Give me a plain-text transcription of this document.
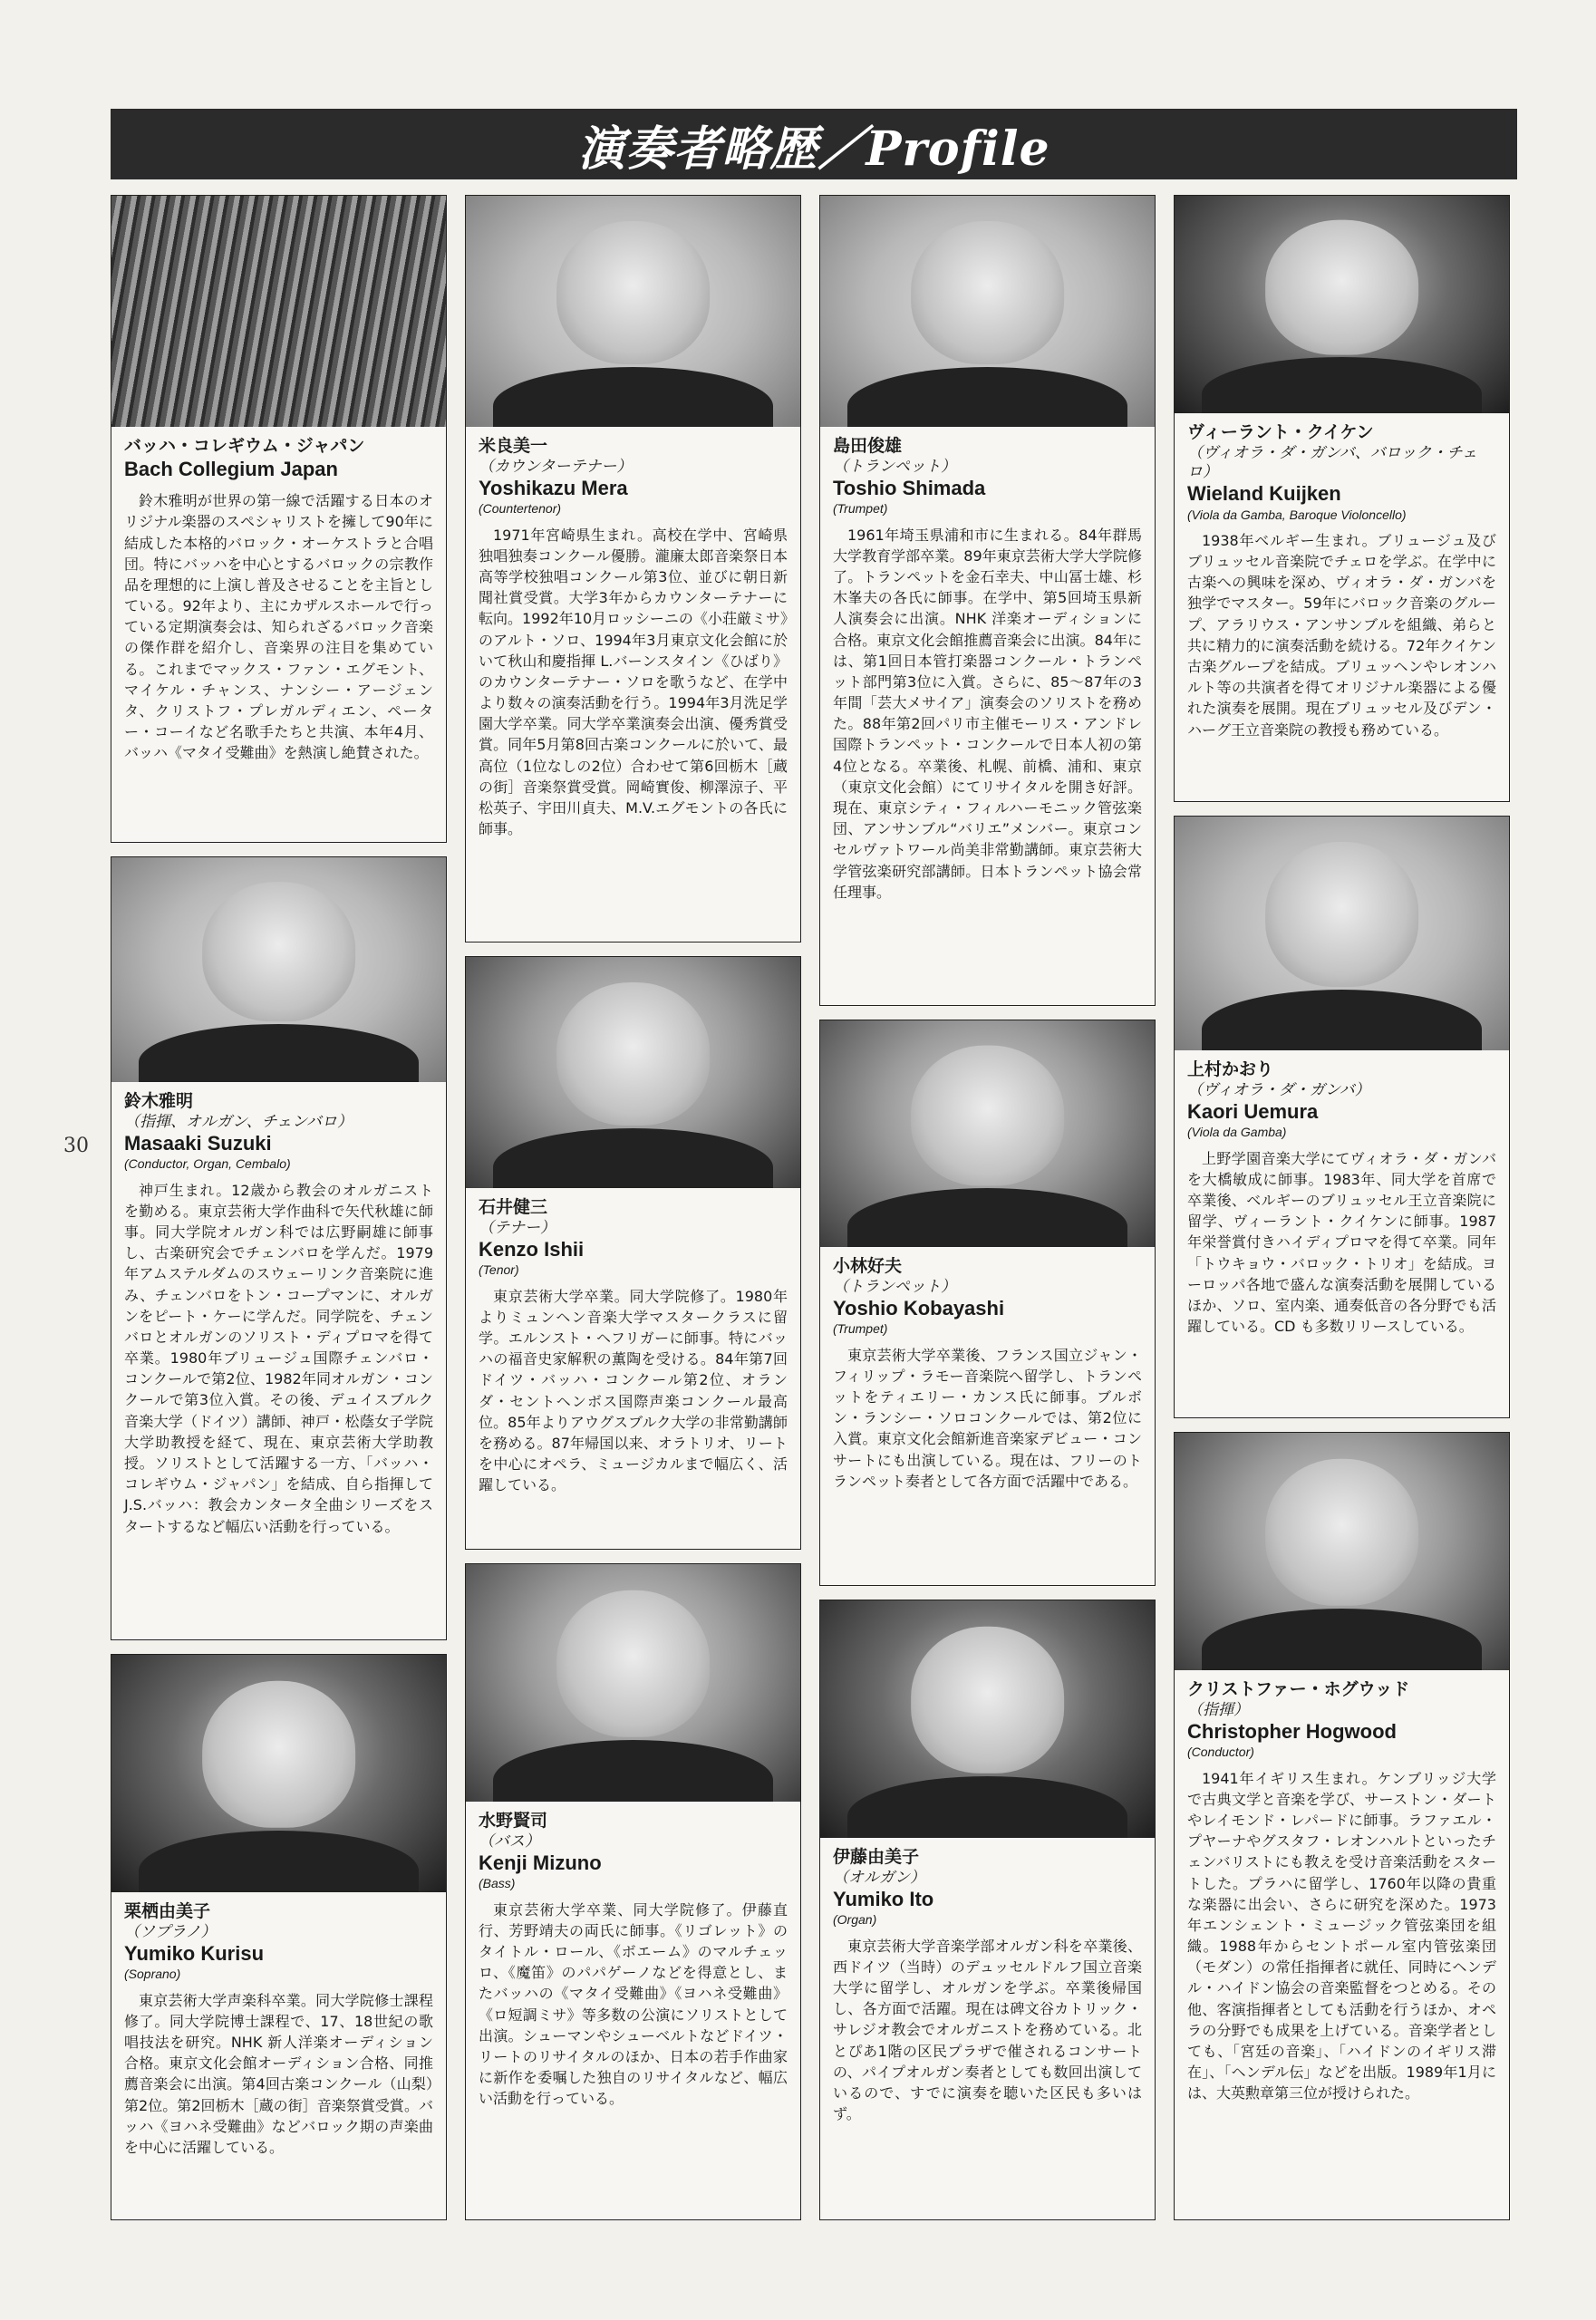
演奏者略歴／Profile
30
バッハ・コレギウム・ジャパン
Bach Collegium Japan
鈴木雅明が世界の第一線で活躍する日本のオリジナル楽器のスペシャリストを擁して90年に結成した本格的バロック・オーケストラと合唱団。特にバッハを中心とするバロックの宗教作品を理想的に上演し普及させることを主旨としている。92年より、主にカザルスホールで行っている定期演奏会は、知られざるバロック音楽の傑作群を紹介し、音楽界の注目を集めている。これまでマックス・ファン・エグモント、マイケル・チャンス、ナンシー・アージェンタ、クリストフ・プレガルディエン、ペーター・コーイなど名歌手たちと共演、本年4月、バッハ《マタイ受難曲》を熱演し絶賛された。
鈴木雅明
（指揮、オルガン、チェンバロ）
Masaaki Suzuki
(Conductor, Organ, Cembalo)
神戸生まれ。12歳から教会のオルガニストを勤める。東京芸術大学作曲科で矢代秋雄に師事。同大学院オルガン科では広野嗣雄に師事し、古楽研究会でチェンバロを学んだ。1979年アムステルダムのスウェーリンク音楽院に進み、チェンバロをトン・コープマンに、オルガンをピート・ケーに学んだ。同学院を、チェンバロとオルガンのソリスト・ディプロマを得て卒業。1980年ブリュージュ国際チェンバロ・コンクールで第2位、1982年同オルガン・コンクールで第3位入賞。その後、デュイスブルク音楽大学（ドイツ）講師、神戸・松蔭女子学院大学助教授を経て、現在、東京芸術大学助教授。ソリストとして活躍する一方、「バッハ・コレギウム・ジャパン」を結成、自ら指揮して J.S.バッハ：教会カンタータ全曲シリーズをスタートするなど幅広い活動を行っている。
栗栖由美子
（ソプラノ）
Yumiko Kurisu
(Soprano)
東京芸術大学声楽科卒業。同大学院修士課程修了。同大学院博士課程で、17、18世紀の歌唱技法を研究。NHK 新人洋楽オーディション合格。東京文化会館オーディション合格、同推薦音楽会に出演。第4回古楽コンクール（山梨）第2位。第2回栃木［蔵の街］音楽祭賞受賞。バッハ《ヨハネ受難曲》などバロック期の声楽曲を中心に活躍している。
米良美一
（カウンターテナー）
Yoshikazu Mera
(Countertenor)
1971年宮崎県生まれ。高校在学中、宮崎県独唱独奏コンクール優勝。瀧廉太郎音楽祭日本高等学校独唱コンクール第3位、並びに朝日新聞社賞受賞。大学3年からカウンターテナーに転向。1992年10月ロッシーニの《小荘厳ミサ》のアルト・ソロ、1994年3月東京文化会館に於いて秋山和慶指揮 L.バーンスタイン《ひばり》のカウンターテナー・ソロを歌うなど、在学中より数々の演奏活動を行う。1994年3月洗足学園大学卒業。同大学卒業演奏会出演、優秀賞受賞。同年5月第8回古楽コンクールに於いて、最高位（1位なしの2位）合わせて第6回栃木［蔵の街］音楽祭賞受賞。岡崎實俊、柳澤涼子、平松英子、宇田川貞夫、M.V.エグモントの各氏に師事。
石井健三
（テナー）
Kenzo Ishii
(Tenor)
東京芸術大学卒業。同大学院修了。1980年よりミュンヘン音楽大学マスタークラスに留学。エルンスト・ヘフリガーに師事。特にバッハの福音史家解釈の薫陶を受ける。84年第7回ドイツ・バッハ・コンクール第2位、オランダ・セントヘンボス国際声楽コンクール最高位。85年よりアウグスブルク大学の非常勤講師を務める。87年帰国以来、オラトリオ、リートを中心にオペラ、ミュージカルまで幅広く、活躍している。
水野賢司
（バス）
Kenji Mizuno
(Bass)
東京芸術大学卒業、同大学院修了。伊藤直行、芳野靖夫の両氏に師事。《リゴレット》のタイトル・ロール、《ボエーム》のマルチェッロ、《魔笛》のパパゲーノなどを得意とし、またバッハの《マタイ受難曲》《ヨハネ受難曲》《ロ短調ミサ》等多数の公演にソリストとして出演。シューマンやシューベルトなどドイツ・リートのリサイタルのほか、日本の若手作曲家に新作を委嘱した独自のリサイタルなど、幅広い活動を行っている。
島田俊雄
（トランペット）
Toshio Shimada
(Trumpet)
1961年埼玉県浦和市に生まれる。84年群馬大学教育学部卒業。89年東京芸術大学大学院修了。トランペットを金石幸夫、中山冨士雄、杉木峯夫の各氏に師事。在学中、第5回埼玉県新人演奏会に出演。NHK 洋楽オーディションに合格。東京文化会館推薦音楽会に出演。84年には、第1回日本管打楽器コンクール・トランペット部門第3位に入賞。さらに、85〜87年の3年間「芸大メサイア」演奏会のソリストを務めた。88年第2回パリ市主催モーリス・アンドレ国際トランペット・コンクールで日本人初の第4位となる。卒業後、札幌、前橋、浦和、東京（東京文化会館）にてリサイタルを開き好評。現在、東京シティ・フィルハーモニック管弦楽団、アンサンブル“バリエ”メンバー。東京コンセルヴァトワール尚美非常勤講師。東京芸術大学管弦楽研究部講師。日本トランペット協会常任理事。
小林好夫
（トランペット）
Yoshio Kobayashi
(Trumpet)
東京芸術大学卒業後、フランス国立ジャン・フィリップ・ラモー音楽院へ留学し、トランペットをティエリー・カンス氏に師事。ブルボン・ランシー・ソロコンクールでは、第2位に入賞。東京文化会館新進音楽家デビュー・コンサートにも出演している。現在は、フリーのトランペット奏者として各方面で活躍中である。
伊藤由美子
（オルガン）
Yumiko Ito
(Organ)
東京芸術大学音楽学部オルガン科を卒業後、西ドイツ（当時）のデュッセルドルフ国立音楽大学に留学し、オルガンを学ぶ。卒業後帰国し、各方面で活躍。現在は碑文谷カトリック・サレジオ教会でオルガニストを務めている。北とぴあ1階の区民プラザで催されるコンサートの、パイプオルガン奏者としても数回出演しているので、すでに演奏を聴いた区民も多いはず。
ヴィーラント・クイケン
（ヴィオラ・ダ・ガンバ、バロック・チェロ）
Wieland Kuijken
(Viola da Gamba, Baroque Violoncello)
1938年ベルギー生まれ。ブリュージュ及びブリュッセル音楽院でチェロを学ぶ。在学中に古楽への興味を深め、ヴィオラ・ダ・ガンバを独学でマスター。59年にバロック音楽のグループ、アラリウス・アンサンブルを組織、弟らと共に精力的に演奏活動を続ける。72年クイケン古楽グループを結成。ブリュッヘンやレオンハルト等の共演者を得てオリジナル楽器による優れた演奏を展開。現在ブリュッセル及びデン・ハーグ王立音楽院の教授も務めている。
上村かおり
（ヴィオラ・ダ・ガンバ）
Kaori Uemura
(Viola da Gamba)
上野学園音楽大学にてヴィオラ・ダ・ガンバを大橋敏成に師事。1983年、同大学を首席で卒業後、ベルギーのブリュッセル王立音楽院に留学、ヴィーラント・クイケンに師事。1987年栄誉賞付きハイディプロマを得て卒業。同年「トウキョウ・バロック・トリオ」を結成。ヨーロッパ各地で盛んな演奏活動を展開しているほか、ソロ、室内楽、通奏低音の各分野でも活躍している。CD も多数リリースしている。
クリストファー・ホグウッド
（指揮）
Christopher Hogwood
(Conductor)
1941年イギリス生まれ。ケンブリッジ大学で古典文学と音楽を学び、サーストン・ダートやレイモンド・レパードに師事。ラファエル・プヤーナやグスタフ・レオンハルトといったチェンバリストにも教えを受け音楽活動をスタートした。プラハに留学し、1760年以降の貴重な楽器に出会い、さらに研究を深めた。1973年エンシェント・ミュージック管弦楽団を組織。1988年からセントポール室内管弦楽団（モダン）の常任指揮者に就任、同時にヘンデル・ハイドン協会の音楽監督をつとめる。その他、客演指揮者としても活動を行うほか、オペラの分野でも成果を上げている。音楽学者としても、「宮廷の音楽」、「ハイドンのイギリス滞在」、「ヘンデル伝」などを出版。1989年1月には、大英勲章第三位が授けられた。
